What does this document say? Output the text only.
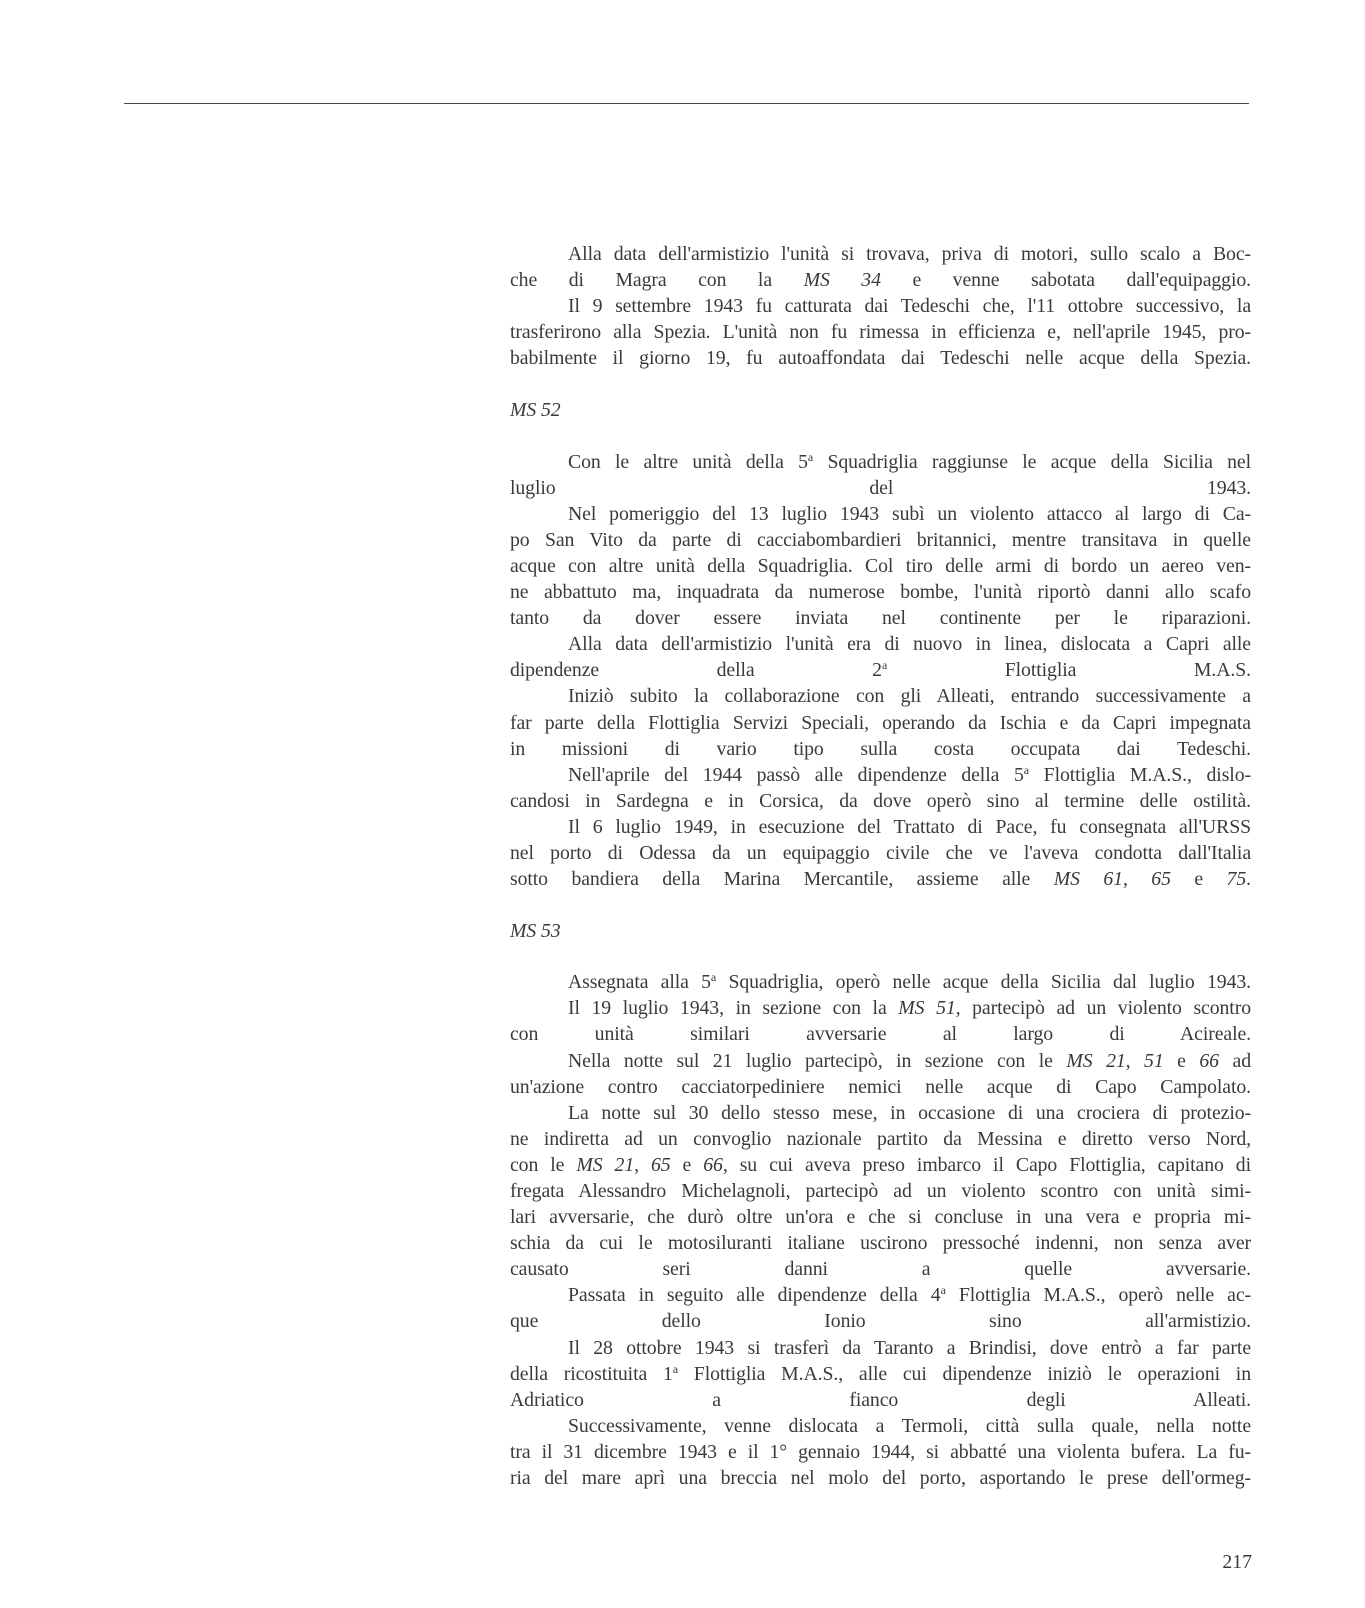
Alla data dell'armistizio l'unità si trovava, priva di motori, sullo scalo a Boc-
che di Magra con la MS 34 e venne sabotata dall'equipaggio.

Il 9 settembre 1943 fu catturata dai Tedeschi che, l'11 ottobre successivo, la
trasferirono alla Spezia. L'unità non fu rimessa in efficienza e, nell'aprile 1945, pro-
babilmente il giorno 19, fu autoaffondata dai Tedeschi nelle acque della Spezia.

MS 52

Con le altre unità della 5$^a$ Squadriglia raggiunse le acque della Sicilia nel
luglio del 1943.

Nel pomeriggio del 13 luglio 1943 subì un violento attacco al largo di Ca-
po San Vito da parte di cacciabombardieri britannici, mentre transitava in quelle
acque con altre unità della Squadriglia. Col tiro delle armi di bordo un aereo ven-
ne abbattuto ma, inquadrata da numerose bombe, l'unità riportò danni allo scafo
tanto da dover essere inviata nel continente per le riparazioni.

Alla data dell'armistizio l'unità era di nuovo in linea, dislocata a Capri alle
dipendenze della 2$^a$ Flottiglia M.A.S.

Iniziò subito la collaborazione con gli Alleati, entrando successivamente a
far parte della Flottiglia Servizi Speciali, operando da Ischia e da Capri impegnata
in missioni di vario tipo sulla costa occupata dai Tedeschi.

Nell'aprile del 1944 passò alle dipendenze della 5$^a$ Flottiglia M.A.S., dislo-
candosi in Sardegna e in Corsica, da dove operò sino al termine delle ostilità.

Il 6 luglio 1949, in esecuzione del Trattato di Pace, fu consegnata all'URSS
nel porto di Odessa da un equipaggio civile che ve l'aveva condotta dall'Italia
sotto bandiera della Marina Mercantile, assieme alle MS 61, 65 e 75.

MS 53

Assegnata alla 5$^a$ Squadriglia, operò nelle acque della Sicilia dal luglio 1943.

Il 19 luglio 1943, in sezione con la MS 51, partecipò ad un violento scontro
con unità similari avversarie al largo di Acireale.

Nella notte sul 21 luglio partecipò, in sezione con le MS 21, 51 e 66 ad
un'azione contro cacciatorpediniere nemici nelle acque di Capo Campolato.

La notte sul 30 dello stesso mese, in occasione di una crociera di protezio-
ne indiretta ad un convoglio nazionale partito da Messina e diretto verso Nord,
con le MS 21, 65 e 66, su cui aveva preso imbarco il Capo Flottiglia, capitano di
fregata Alessandro Michelagnoli, partecipò ad un violento scontro con unità simi-
lari avversarie, che durò oltre un'ora e che si concluse in una vera e propria mi-
schia da cui le motosiluranti italiane uscirono pressoché indenni, non senza aver
causato seri danni a quelle avversarie.

Passata in seguito alle dipendenze della 4$^a$ Flottiglia M.A.S., operò nelle ac-
que dello Ionio sino all'armistizio.

Il 28 ottobre 1943 si trasferì da Taranto a Brindisi, dove entrò a far parte
della ricostituita 1$^a$ Flottiglia M.A.S., alle cui dipendenze iniziò le operazioni in
Adriatico a fianco degli Alleati.

Successivamente, venne dislocata a Termoli, città sulla quale, nella notte
tra il 31 dicembre 1943 e il 1° gennaio 1944, si abbatté una violenta bufera. La fu-
ria del mare aprì una breccia nel molo del porto, asportando le prese dell'ormeg-

217
